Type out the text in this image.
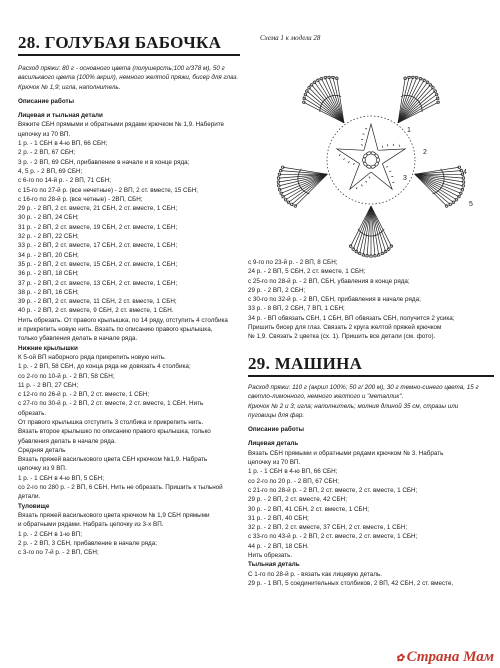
28. ГОЛУБАЯ БАБОЧКА
Расход пряжи: 80 г - основного цвета (полушерсть;100 г/378 м), 50 г васильквого цвета (100% акрил), немного желтой пряжи, бисер для глаз.
Крючок № 1,9; игла, наполнитель.
Описание работы
Лицевая и тыльная детали
Вяжите СБН прямыми и обратными рядами крючком № 1,9. Наберите
цепочку из 70 ВП.
1 р. - 1 СБН в 4-ю ВП, 66 СБН;
2 р. - 2 ВП, 67 СБН;
3 р. - 2 ВП, 69 СБН, прибавление в начале и в конце ряда;
4, 5 р. - 2 ВП, 69 СБН;
с 6-го по 14-й р. - 2 ВП, 71 СБН;
с 15-го по 27-й р. (все нечетные) - 2 ВП, 2 ст. вместе, 15 СБН;
с 16-го по 28-й р. (все четные) - 2ВП, СБН;
29 р. - 2 ВП, 2 ст. вместе, 21 СБН, 2 ст. вместе, 1 СБН;
30 р. - 2 ВП, 24 СБН;
31 р. - 2 ВП, 2 ст. вместе, 19 СБН, 2 ст. вместе, 1 СБН;
32 р. - 2 ВП, 22 СБН;
33 р. - 2 ВП, 2 ст. вместе, 17 СБН, 2 ст. вместе, 1 СБН;
34 р. - 2 ВП, 20 СБН;
35 р. - 2 ВП, 2 ст. вместе, 15 СБН, 2 ст. вместе, 1 СБН;
36 р. - 2 ВП, 18 СБН;
37 р. - 2 ВП, 2 ст. вместе, 13 СБН, 2 ст. вместе, 1 СБН;
38 р. - 2 ВП, 16 СБН;
39 р. - 2 ВП, 2 ст. вместе, 11 СБН, 2 ст. вместе, 1 СБН;
40 р. - 2 ВП, 2 ст. вместе, 9 СБН, 2 ст. вместе, 1 СБН.
Нить обрезать. От правого крылышка, по 14 ряду, отступить 4 столбика
и прикрепить новую нить. Вязать по описанию правого крылышка,
только убавления делать в начале ряда.
Нижние крылышки
К 5-ой ВП наборного ряда прикрепить новую нить.
1 р. - 2 ВП, 58 СБН, до конца ряда не довязать 4 столбика;
со 2-го по 10-й р. - 2 ВП, 58 СБН;
11 р. - 2 ВП, 27 СБН;
с 12-го по 26-й р. - 2 ВП, 2 ст. вместе, 1 СБН;
с 27-го по 30-й р. - 2 ВП, 2 ст. вместе, 2 ст. вместе, 1 СБН. Нить
обрезать.
От правого крылышка отступить 3 столбика и прикрепить нить.
Вязать второе крылышко по описанию правого крылышка, только
убавления делать в начале ряда.
Средняя деталь
Вязать пряжей василькового цвета СБН крючком №1,9. Набрать
цепочку из 9 ВП.
1 р. - 1 СБН в 4-ю ВП, 5 СБН;
со 2-го по 280 р. - 2 ВП, 6 СБН. Нить не обрезать. Пришить к тыльной
детали.
Туловище
Вязать пряжей василькового цвета крючком № 1,9 СБН прямыми
и обратными рядами. Набрать цепочку из 3-х ВП.
1 р. - 2 СБН в 1-ю ВП;
2 р. - 2 ВП, 3 СБН, прибавление в начале ряда;
с 3-го по 7-й р. - 2 ВП, СБН;
Схема 1 к модели 28
1
2
3
4
5
с 9-го по 23-й р. - 2 ВП, 8 СБН;
24 р. - 2 ВП, 5 СБН, 2 ст. вместе, 1 СБН;
с 25-го по 28-й р. - 2 ВП, СБН, убавления в конце ряда;
29 р. - 2 ВП, 2 СБН;
с 30-го по 32-й р. - 2 ВП, СБН, прибавления в начале ряда;
33 р. - 8 ВП, 2 СБН, 7 ВП, 1 СБН;
34 р. - ВП обвязать СБН, 1 СБН, ВП обвязать СБН, получится 2 усика;
Пришить бисер для глаз. Связать 2 круга желтой пряжей крючком
№ 1,9. Связать 2 цветка (сх. 1). Пришить все детали (см. фото).
29. МАШИНА
Расход пряжи: 110 г (акрил 100%; 50 г/ 200 м), 30 г темно-синего цвета, 15 г светло-лимонного, немного желтого и "металлик".
Крючок № 2 и 3; игла; наполнитель; молния длиной 35 см, стразы или пуговицы для фар.
Описание работы
Лицевая деталь
Вязать СБН прямыми и обратными рядами крючком № 3. Набрать
цепочку из 70 ВП.
1 р. - 1 СБН в 4-ю ВП, 66 СБН;
со 2-го по 20 р. - 2 ВП, 67 СБН;
с 21-го по 28-й р. - 2 ВП, 2 ст. вместе, 2 ст. вместе, 1 СБН;
29 р. - 2 ВП, 2 ст. вместе, 42 СБН;
30 р. - 2 ВП, 41 СБН, 2 ст. вместе, 1 СБН;
31 р. - 2 ВП, 40 СБН;
32 р. - 2 ВП, 2 ст. вместе, 37 СБН, 2 ст. вместе, 1 СБН;
с 33-го по 43-й р. - 2 ВП, 2 ст. вместе, 2 ст. вместе, 1 СБН;
44 р. - 2 ВП, 18 СБН.
Нить обрезать.
Тыльная деталь
С 1-го по 28-й р. - вязать как лицевую деталь.
29 р. - 1 ВП, 5 соединительных столбиков, 2 ВП, 42 СБН, 2 ст. вместе,
✿ Страна Мам
